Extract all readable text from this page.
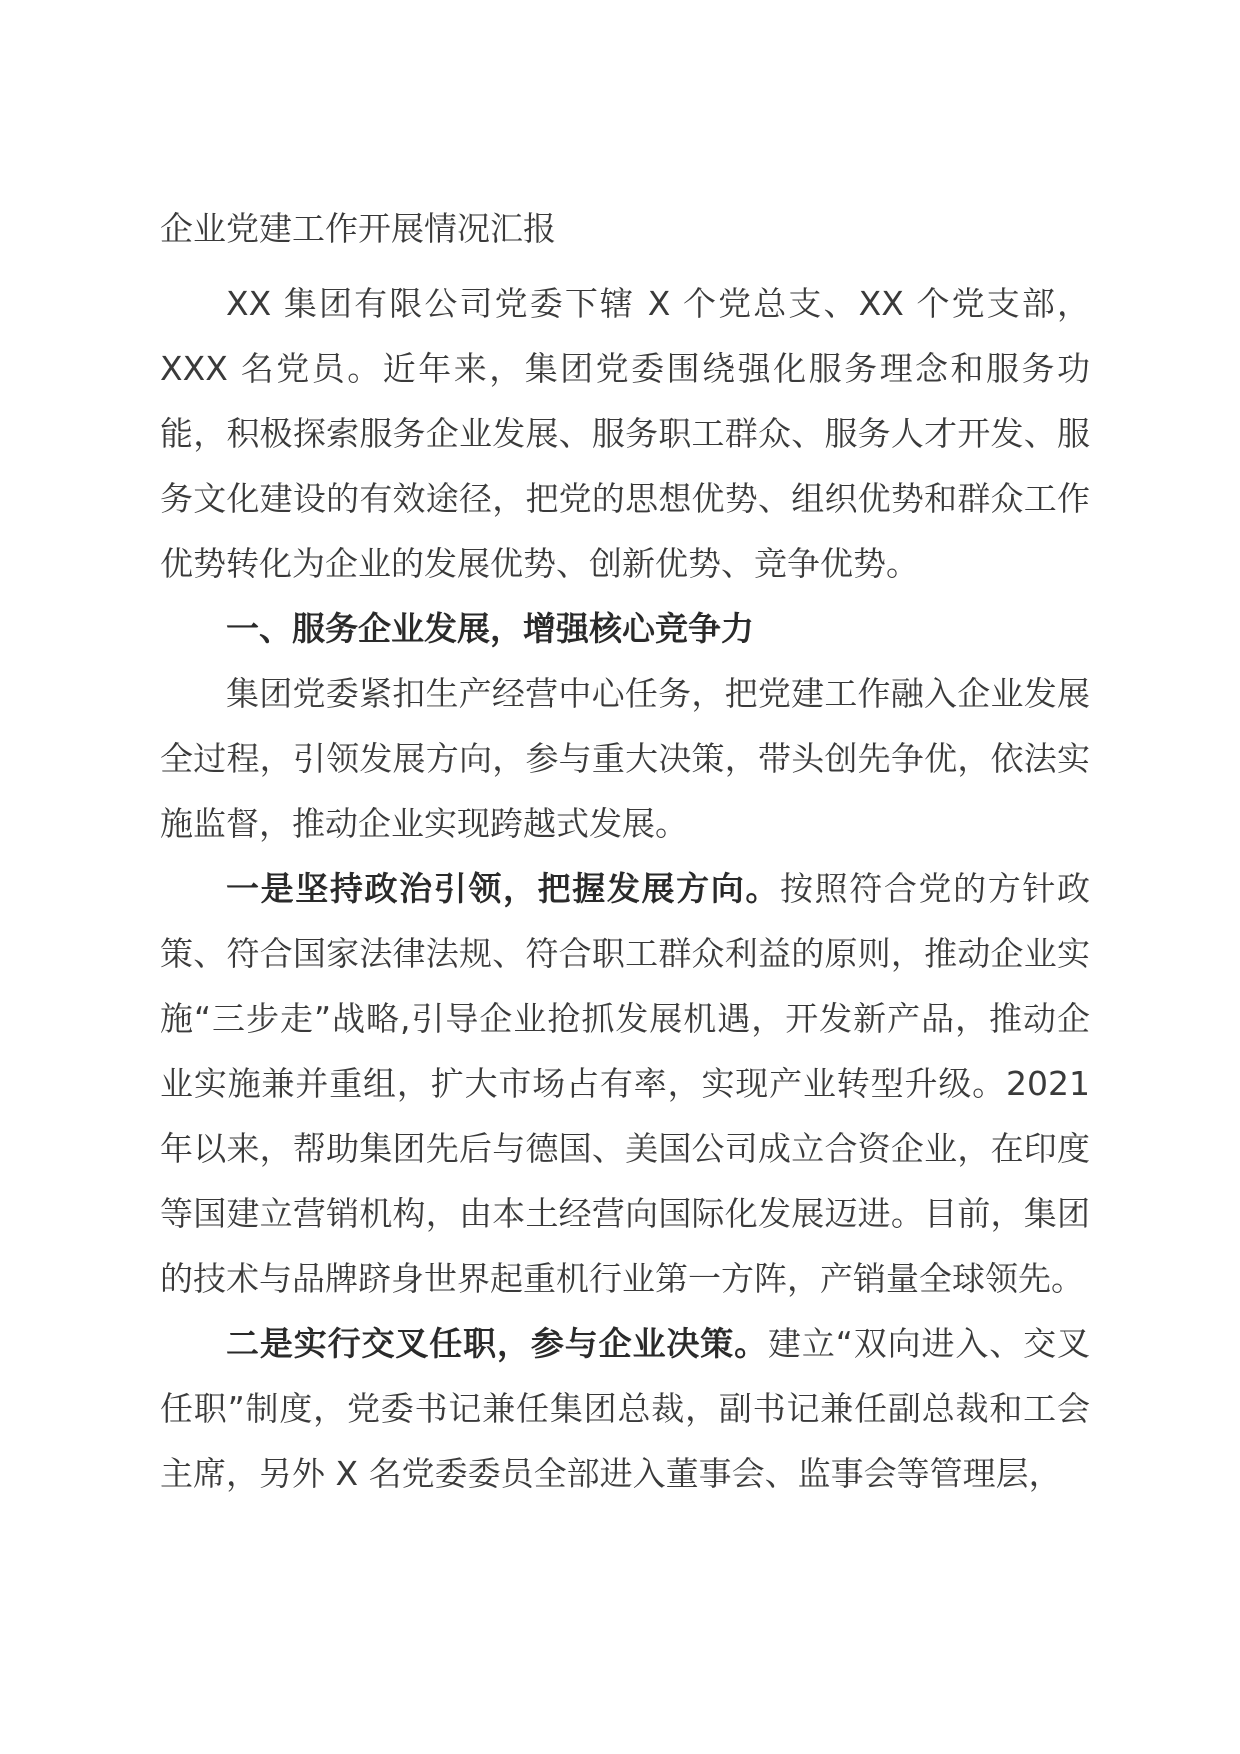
企业党建工作开展情况汇报

XX 集团有限公司党委下辖 X 个党总支、XX 个党支部，XXX 名党员。近年来，集团党委围绕强化服务理念和服务功能，积极探索服务企业发展、服务职工群众、服务人才开发、服务文化建设的有效途径，把党的思想优势、组织优势和群众工作优势转化为企业的发展优势、创新优势、竞争优势。

一、服务企业发展，增强核心竞争力

集团党委紧扣生产经营中心任务，把党建工作融入企业发展全过程，引领发展方向，参与重大决策，带头创先争优，依法实施监督，推动企业实现跨越式发展。

一是坚持政治引领，把握发展方向。按照符合党的方针政策、符合国家法律法规、符合职工群众利益的原则，推动企业实施“三步走”战略,引导企业抢抓发展机遇，开发新产品，推动企业实施兼并重组，扩大市场占有率，实现产业转型升级。2021 年以来，帮助集团先后与德国、美国公司成立合资企业，在印度等国建立营销机构，由本土经营向国际化发展迈进。目前，集团的技术与品牌跻身世界起重机行业第一方阵，产销量全球领先。

二是实行交叉任职，参与企业决策。建立“双向进入、交叉任职”制度，党委书记兼任集团总裁，副书记兼任副总裁和工会主席，另外 X 名党委委员全部进入董事会、监事会等管理层，
